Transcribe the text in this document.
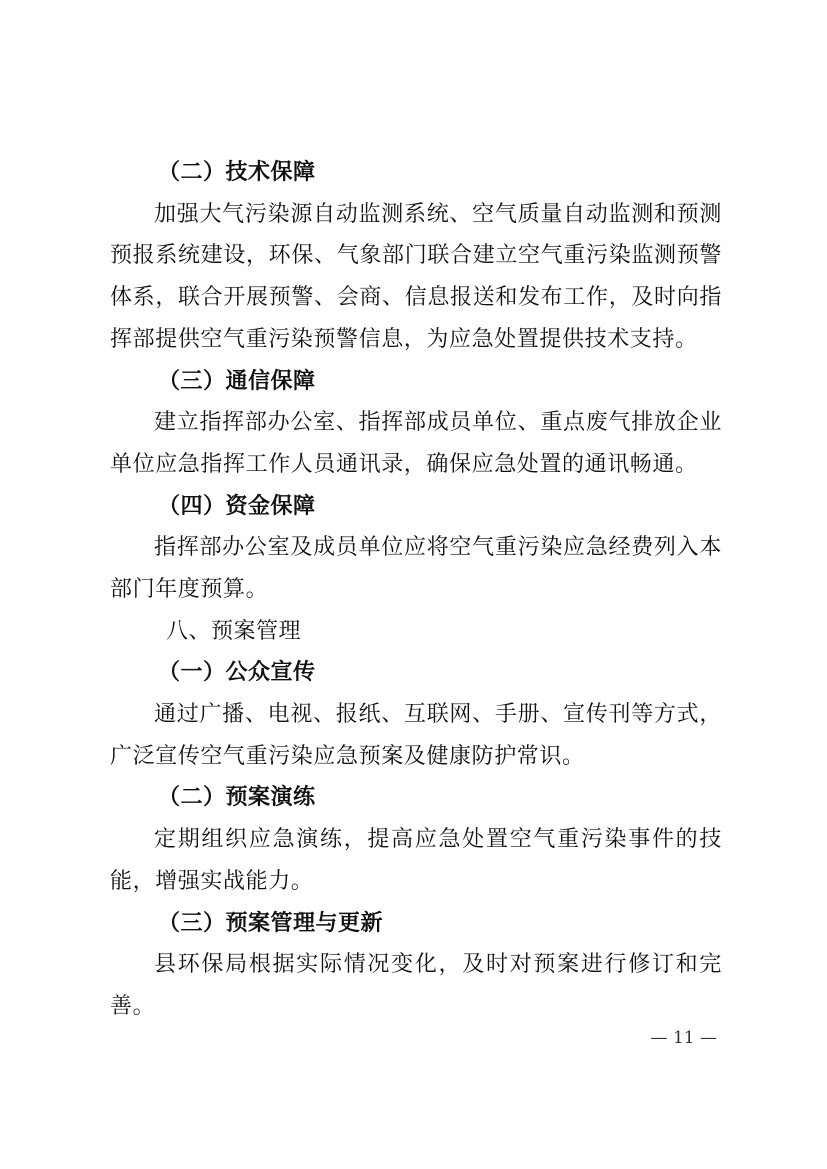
（二）技术保障
加强大气污染源自动监测系统、空气质量自动监测和预测预报系统建设，环保、气象部门联合建立空气重污染监测预警体系，联合开展预警、会商、信息报送和发布工作，及时向指挥部提供空气重污染预警信息，为应急处置提供技术支持。
（三）通信保障
建立指挥部办公室、指挥部成员单位、重点废气排放企业单位应急指挥工作人员通讯录，确保应急处置的通讯畅通。
（四）资金保障
指挥部办公室及成员单位应将空气重污染应急经费列入本部门年度预算。
八、预案管理
（一）公众宣传
通过广播、电视、报纸、互联网、手册、宣传刊等方式，广泛宣传空气重污染应急预案及健康防护常识。
（二）预案演练
定期组织应急演练，提高应急处置空气重污染事件的技能，增强实战能力。
（三）预案管理与更新
县环保局根据实际情况变化，及时对预案进行修订和完善。
— 11 —
